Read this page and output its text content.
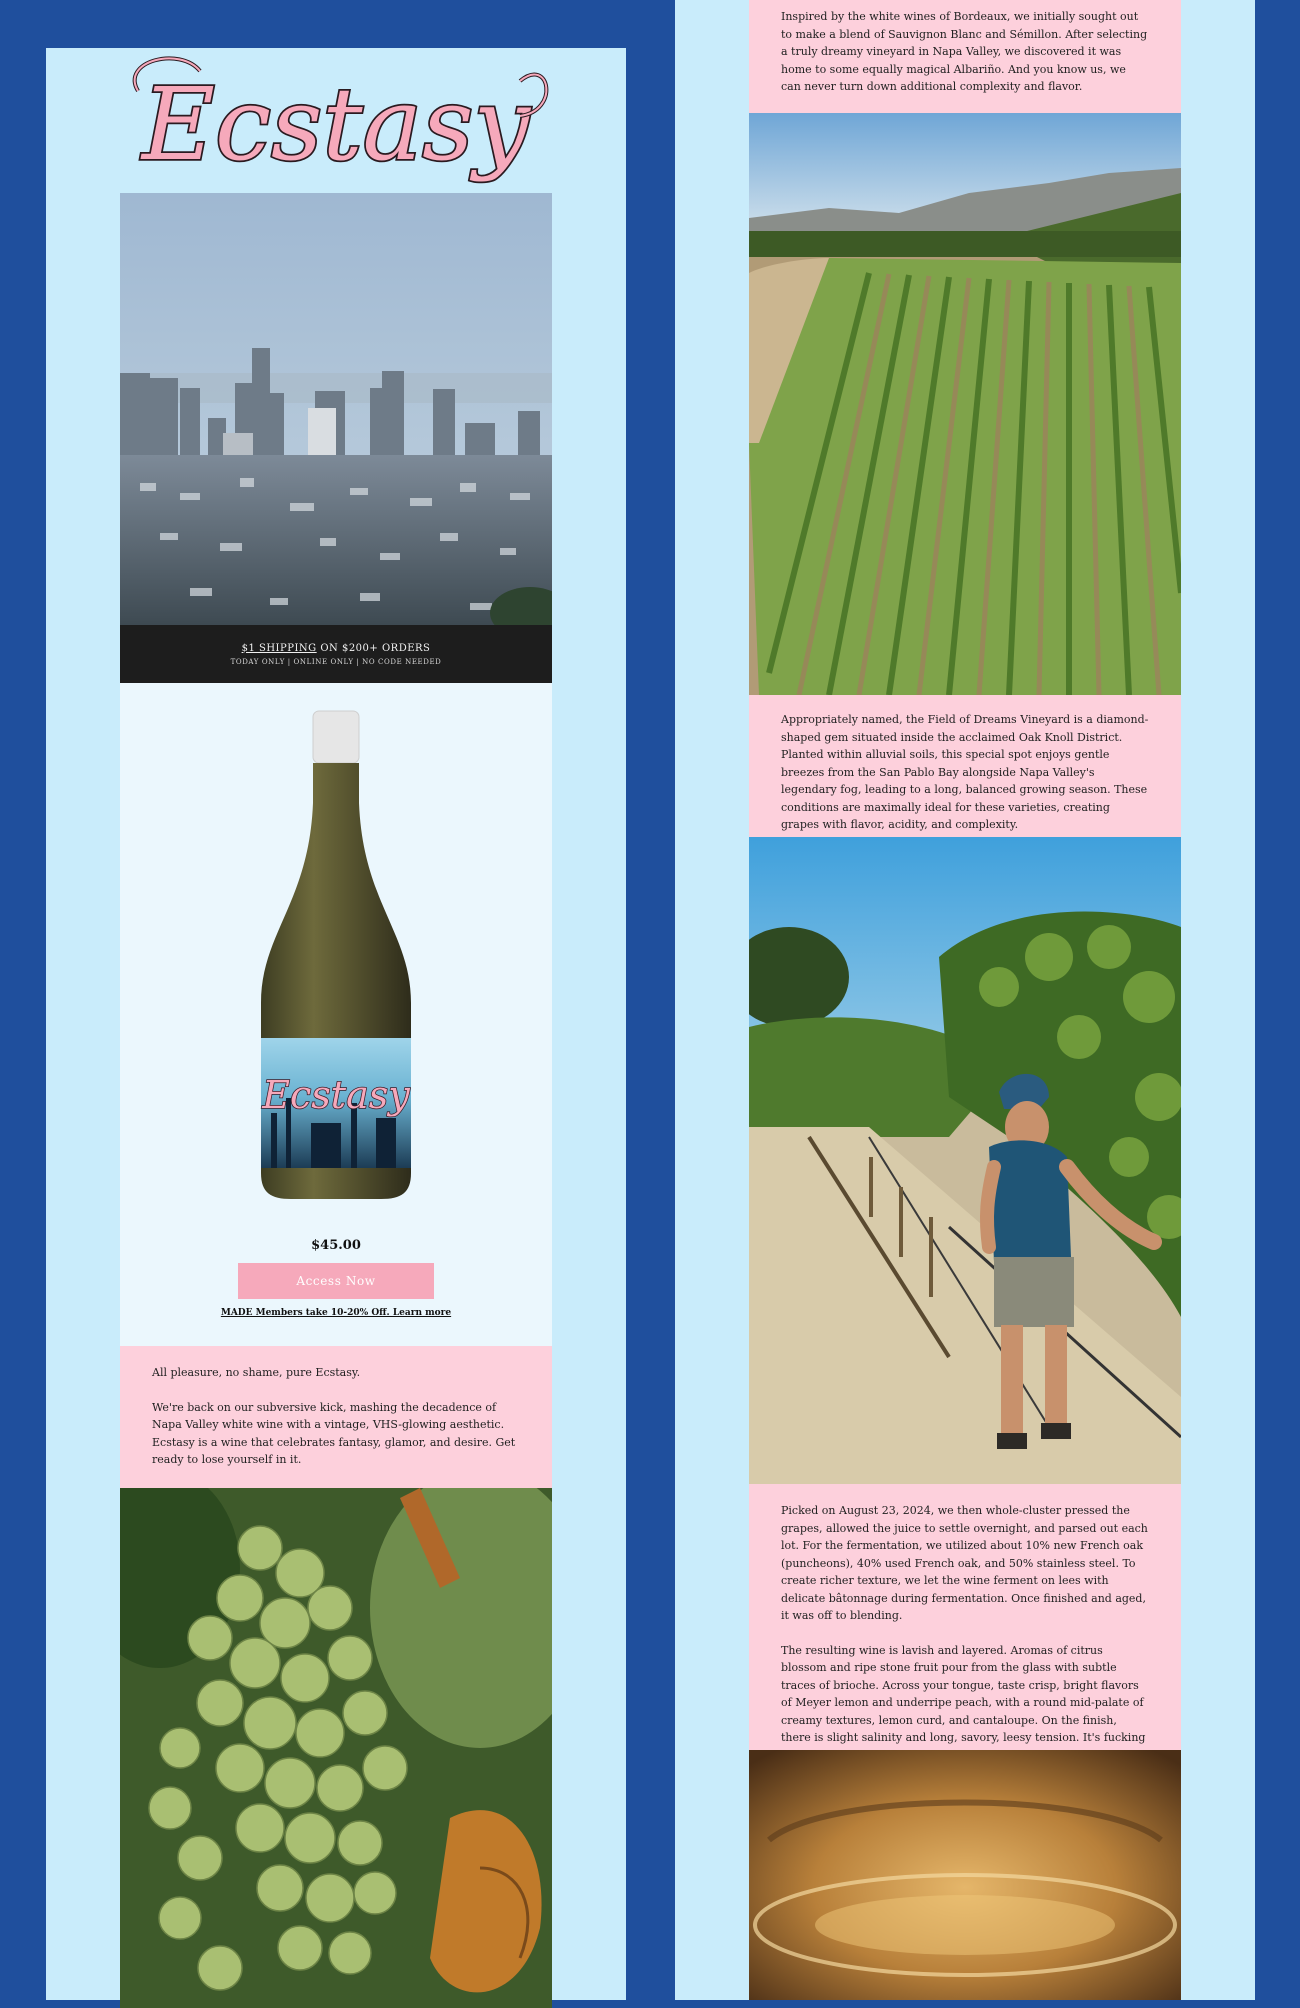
Ecstasy
$1 SHIPPING ON $200+ ORDERS
TODAY ONLY | ONLINE ONLY | NO CODE NEEDED
Ecstasy
$45.00
Access Now
MADE Members take 10-20% Off. Learn more

All pleasure, no shame, pure Ecstasy.

We're back on our subversive kick, mashing the decadence of Napa Valley white wine with a vintage, VHS-glowing aesthetic. Ecstasy is a wine that celebrates fantasy, glamor, and desire. Get ready to lose yourself in it.

Inspired by the white wines of Bordeaux, we initially sought out to make a blend of Sauvignon Blanc and Sémillon. After selecting a truly dreamy vineyard in Napa Valley, we discovered it was home to some equally magical Albariño. And you know us, we can never turn down additional complexity and flavor.

Appropriately named, the Field of Dreams Vineyard is a diamond-shaped gem situated inside the acclaimed Oak Knoll District. Planted within alluvial soils, this special spot enjoys gentle breezes from the San Pablo Bay alongside Napa Valley's legendary fog, leading to a long, balanced growing season. These conditions are maximally ideal for these varieties, creating grapes with flavor, acidity, and complexity.

Picked on August 23, 2024, we then whole-cluster pressed the grapes, allowed the juice to settle overnight, and parsed out each lot. For the fermentation, we utilized about 10% new French oak (puncheons), 40% used French oak, and 50% stainless steel. To create richer texture, we let the wine ferment on lees with delicate bâtonnage during fermentation. Once finished and aged, it was off to blending.

The resulting wine is lavish and layered. Aromas of citrus blossom and ripe stone fruit pour from the glass with subtle traces of brioche. Across your tongue, taste crisp, bright flavors of Meyer lemon and underripe peach, with a round mid-palate of creamy textures, lemon curd, and cantaloupe. On the finish, there is slight salinity and long, savory, leesy tension. It's fucking
